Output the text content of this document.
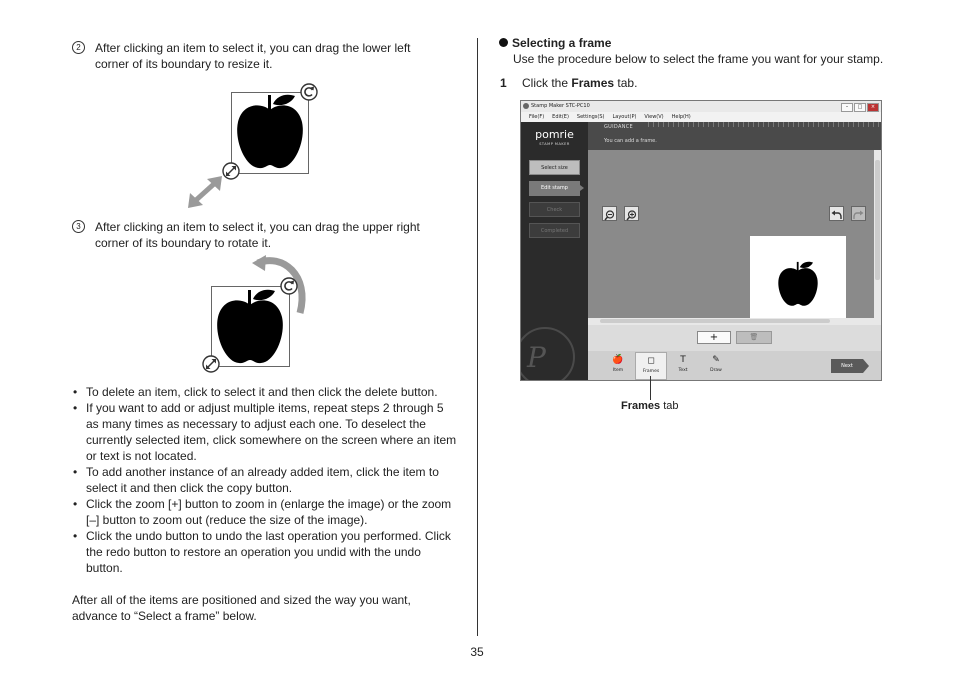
2	After clicking an item to select it, you can drag the lower left corner of its boundary to resize it.
3	After clicking an item to select it, you can drag the upper right corner of its boundary to rotate it.
• To delete an item, click to select it and then click the delete button.
• If you want to add or adjust multiple items, repeat steps 2 through 5 as many times as necessary to adjust each one. To deselect the currently selected item, click somewhere on the screen where an item or text is not located.
• To add another instance of an already added item, click the item to select it and then click the copy button.
• Click the zoom [+] button to zoom in (enlarge the image) or the zoom [–] button to zoom out (reduce the size of the image).
• Click the undo button to undo the last operation you performed. Click the redo button to restore an operation you undid with the undo button.
After all of the items are positioned and sized the way you want, advance to “Select a frame” below.
Selecting a frame
Use the procedure below to select the frame you want for your stamp.
1 Click the Frames tab.
Stamp Maker STC-PC10	–	□	×
File(F) Edit(E) Settings(S) Layout(P) View(V) Help(H)
pomrie
STAMP MAKER
Select size
Edit stamp
Check
Completed
P
GUIDANCE
You can add a frame.
+	🗑
🍎
Item
◻
Frames
T
Text
✎
Draw
Next
Frames tab
35
